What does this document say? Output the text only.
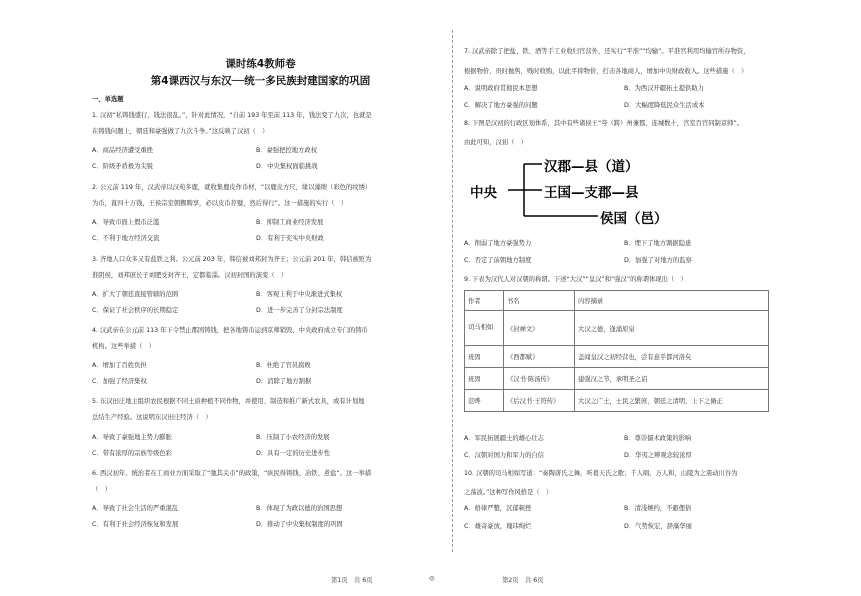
课时练4教师卷
第4课西汉与东汉──统一多民族封建国家的巩固
一、单选题
1. 汉初“私铸钱盛行，钱法很乱。”，针对此情况，“自前 193 年至前 113 年，钱法变了九次，也就是
在铸钱问题上，朝廷和豪强做了九次斗争。”这反映了汉初（　）
2. 公元前 119 年，汉武帝以汉苑多鹿，就收集鹿皮作币材，“以鹿皮方尺，缘以藻缋（彩色的纹绣）
为币，直四十万钱，王侯宗室朝觐聘享，必以皮币荐璧，然后得行”。这一措施的实行（　）
3. 齐地人口众多又有盐铁之利。公元前 203 年，韩信被刘邦封为齐王；公元前 201 年，韩信被贬为
淮阴侯，刘邦庶长子刘肥受封齐王，定都临淄。汉初封国的演变（　）
4. 汉武帝在公元前 113 年下令禁止郡国铸钱，把各地铸币运到京师销毁，中央政府成立专门的铸币
机构。这些举措（　）
5. 东汉田庄地主组织农民根据不同土质种植不同作物，并使用、制造和推广新式农具，或有计划地
总结生产经验。这说明东汉田庄经济（　）
6. 西汉初年，统治者在工商业方面采取了“弛其关市”的政策，“纵民得铸钱、冶铁、煮盐”。这一举措
（　）
A．商品经济遭受重挫	B．豪强把控地方政权
C．阶级矛盾极为尖锐	D．中央集权面临挑战
A．导致市面上假币泛滥	B．抑制工商业经济发展
C．不利于地方经济交流	D．有利于充实中央财政
A．扩大了朝廷直接管辖的范围	B．客观上利于中央渐进式集权
C．保证了社会秩序的长期稳定	D．进一步完善了分封宗法制度
A．增加了百姓负担	B．杜绝了官员腐败
C．加强了经济集权	D．消除了地方割据
A．导致了豪强地主势力膨胀	B．压制了小农经济的发展
C．带有浓厚的宗族等级色彩	D．具有一定的历史进步性
A．导致了社会生活的严重混乱	B．体现了为政以德的治国思想
C．有利于社会经济恢复和发展	D．推动了中央集权制度的巩固
7. 汉武帝除了把盐、铁、酒等手工业收归官营外，还实行“平准”“均输”。平准官利用均输官所存物资，
根据物价，贵时抛售，贱时收购，以此平抑物价，打击各地商人，增加中央财政收入。这些措施（　）
8. 下图是汉初的行政区划体系，其中有些诸侯王“夸（跨）州兼郡，连城数十，宫室百官同制京师”。
由此可知，汉初（　）
9. 下表为汉代人对汉朝的称谓。下述“大汉”“皇汉”和“强汉”的称谓体现出（　）
10. 汉朝的司马相如写道：“奏陶唐氏之舞，听葛天氏之歌；千人唱，万人和，山陵为之震动川谷为
之荡波。”这种写作风格是（　）
A．说明政府贯彻民本思想	B．为西汉开疆拓土提供助力
C．解决了地方豪强的问题	D．大幅度降低民众生活成本
A．削弱了地方豪强势力	B．埋下了地方割据隐患
C．否定了前朝地方制度	D．加强了对地方的监察
A．军民拓展疆土的雄心壮志	B．尊崇儒术政策的影响
C．汉朝对国力和军力的自信	D．华夷之辨观念较浓厚
A．格律严整，沉郁顿挫	B．清浅婉约，不避俚俗
C．雄奇豪放，瑰玮绚烂	D．气势恢宏，辞藻华丽
中央
汉郡—县（道）
王国—支郡—县
侯国（邑）
作者	书名	内容摘录
司马相如	《封禅文》	大汉之德，逢涌原泉
班固	《西都赋》	盖闻皇汉之初经营也，尝有意乎都河洛矣
班固	《汉书·陈汤传》	建强汉之节，承明圣之诏
范晔	《后汉书·王符传》	大汉之广土，士民之繁庶，朝廷之清明，上下之脩正
第1页　共 6页	◎	第2页　共 6页
